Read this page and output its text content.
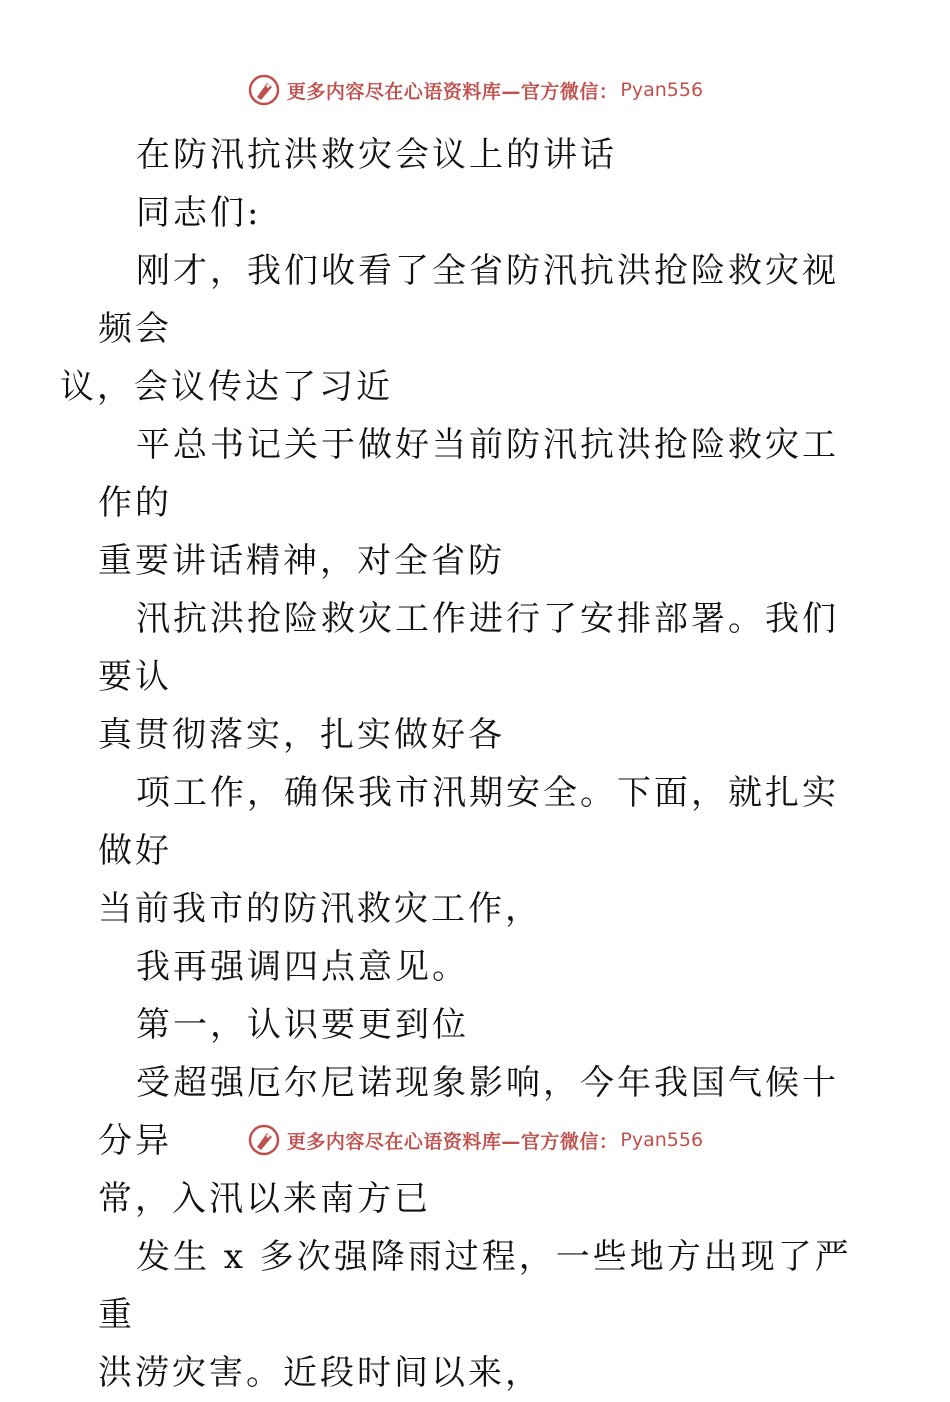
更多内容尽在心语资料库—官方微信： Pyan556

在防汛抗洪救灾会议上的讲话

同志们:

刚才，我们收看了全省防汛抗洪抢险救灾视频会
议，会议传达了习近

平总书记关于做好当前防汛抗洪抢险救灾工作的
重要讲话精神，对全省防

汛抗洪抢险救灾工作进行了安排部署。我们要认
真贯彻落实，扎实做好各

项工作，确保我市汛期安全。下面，就扎实做好
当前我市的防汛救灾工作，

我再强调四点意见。

第一，认识要更到位

受超强厄尔尼诺现象影响，今年我国气候十分异
常，入汛以来南方已

发生 x 多次强降雨过程，一些地方出现了严重
洪涝灾害。近段时间以来，

更多内容尽在心语资料库—官方微信： Pyan556
